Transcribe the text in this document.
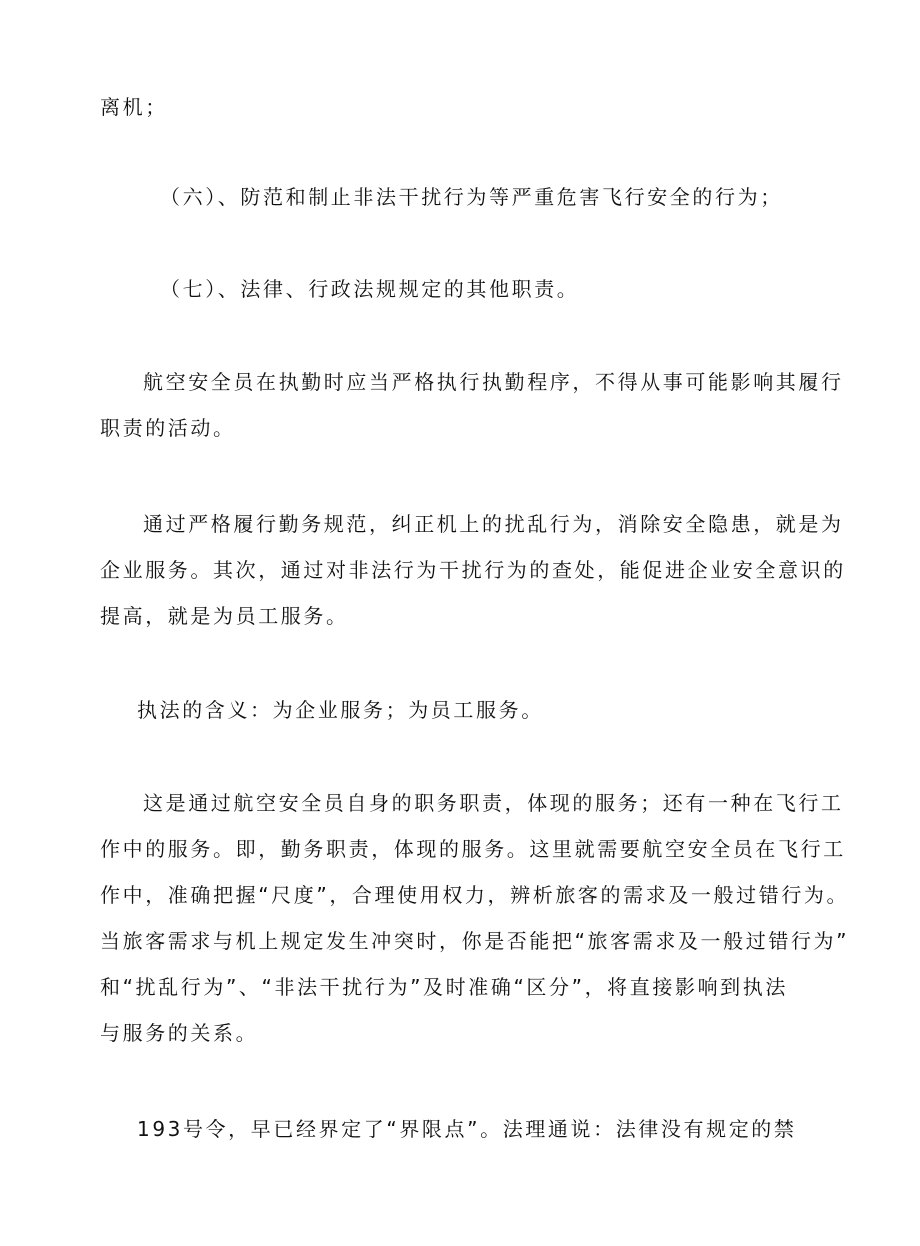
离机；
（六）、防范和制止非法干扰行为等严重危害飞行安全的行为；
（七）、法律、行政法规规定的其他职责。
航空安全员在执勤时应当严格执行执勤程序，不得从事可能影响其履行
职责的活动。
通过严格履行勤务规范，纠正机上的扰乱行为，消除安全隐患，就是为
企业服务。其次，通过对非法行为干扰行为的查处，能促进企业安全意识的
提高，就是为员工服务。
执法的含义：为企业服务；为员工服务。
这是通过航空安全员自身的职务职责，体现的服务；还有一种在飞行工
作中的服务。即，勤务职责，体现的服务。这里就需要航空安全员在飞行工
作中，准确把握“尺度”，合理使用权力，辨析旅客的需求及一般过错行为。
当旅客需求与机上规定发生冲突时，你是否能把“旅客需求及一般过错行为”
和“扰乱行为”、“非法干扰行为”及时准确“区分”，将直接影响到执法
与服务的关系。
193号令，早已经界定了“界限点”。法理通说：法律没有规定的禁
